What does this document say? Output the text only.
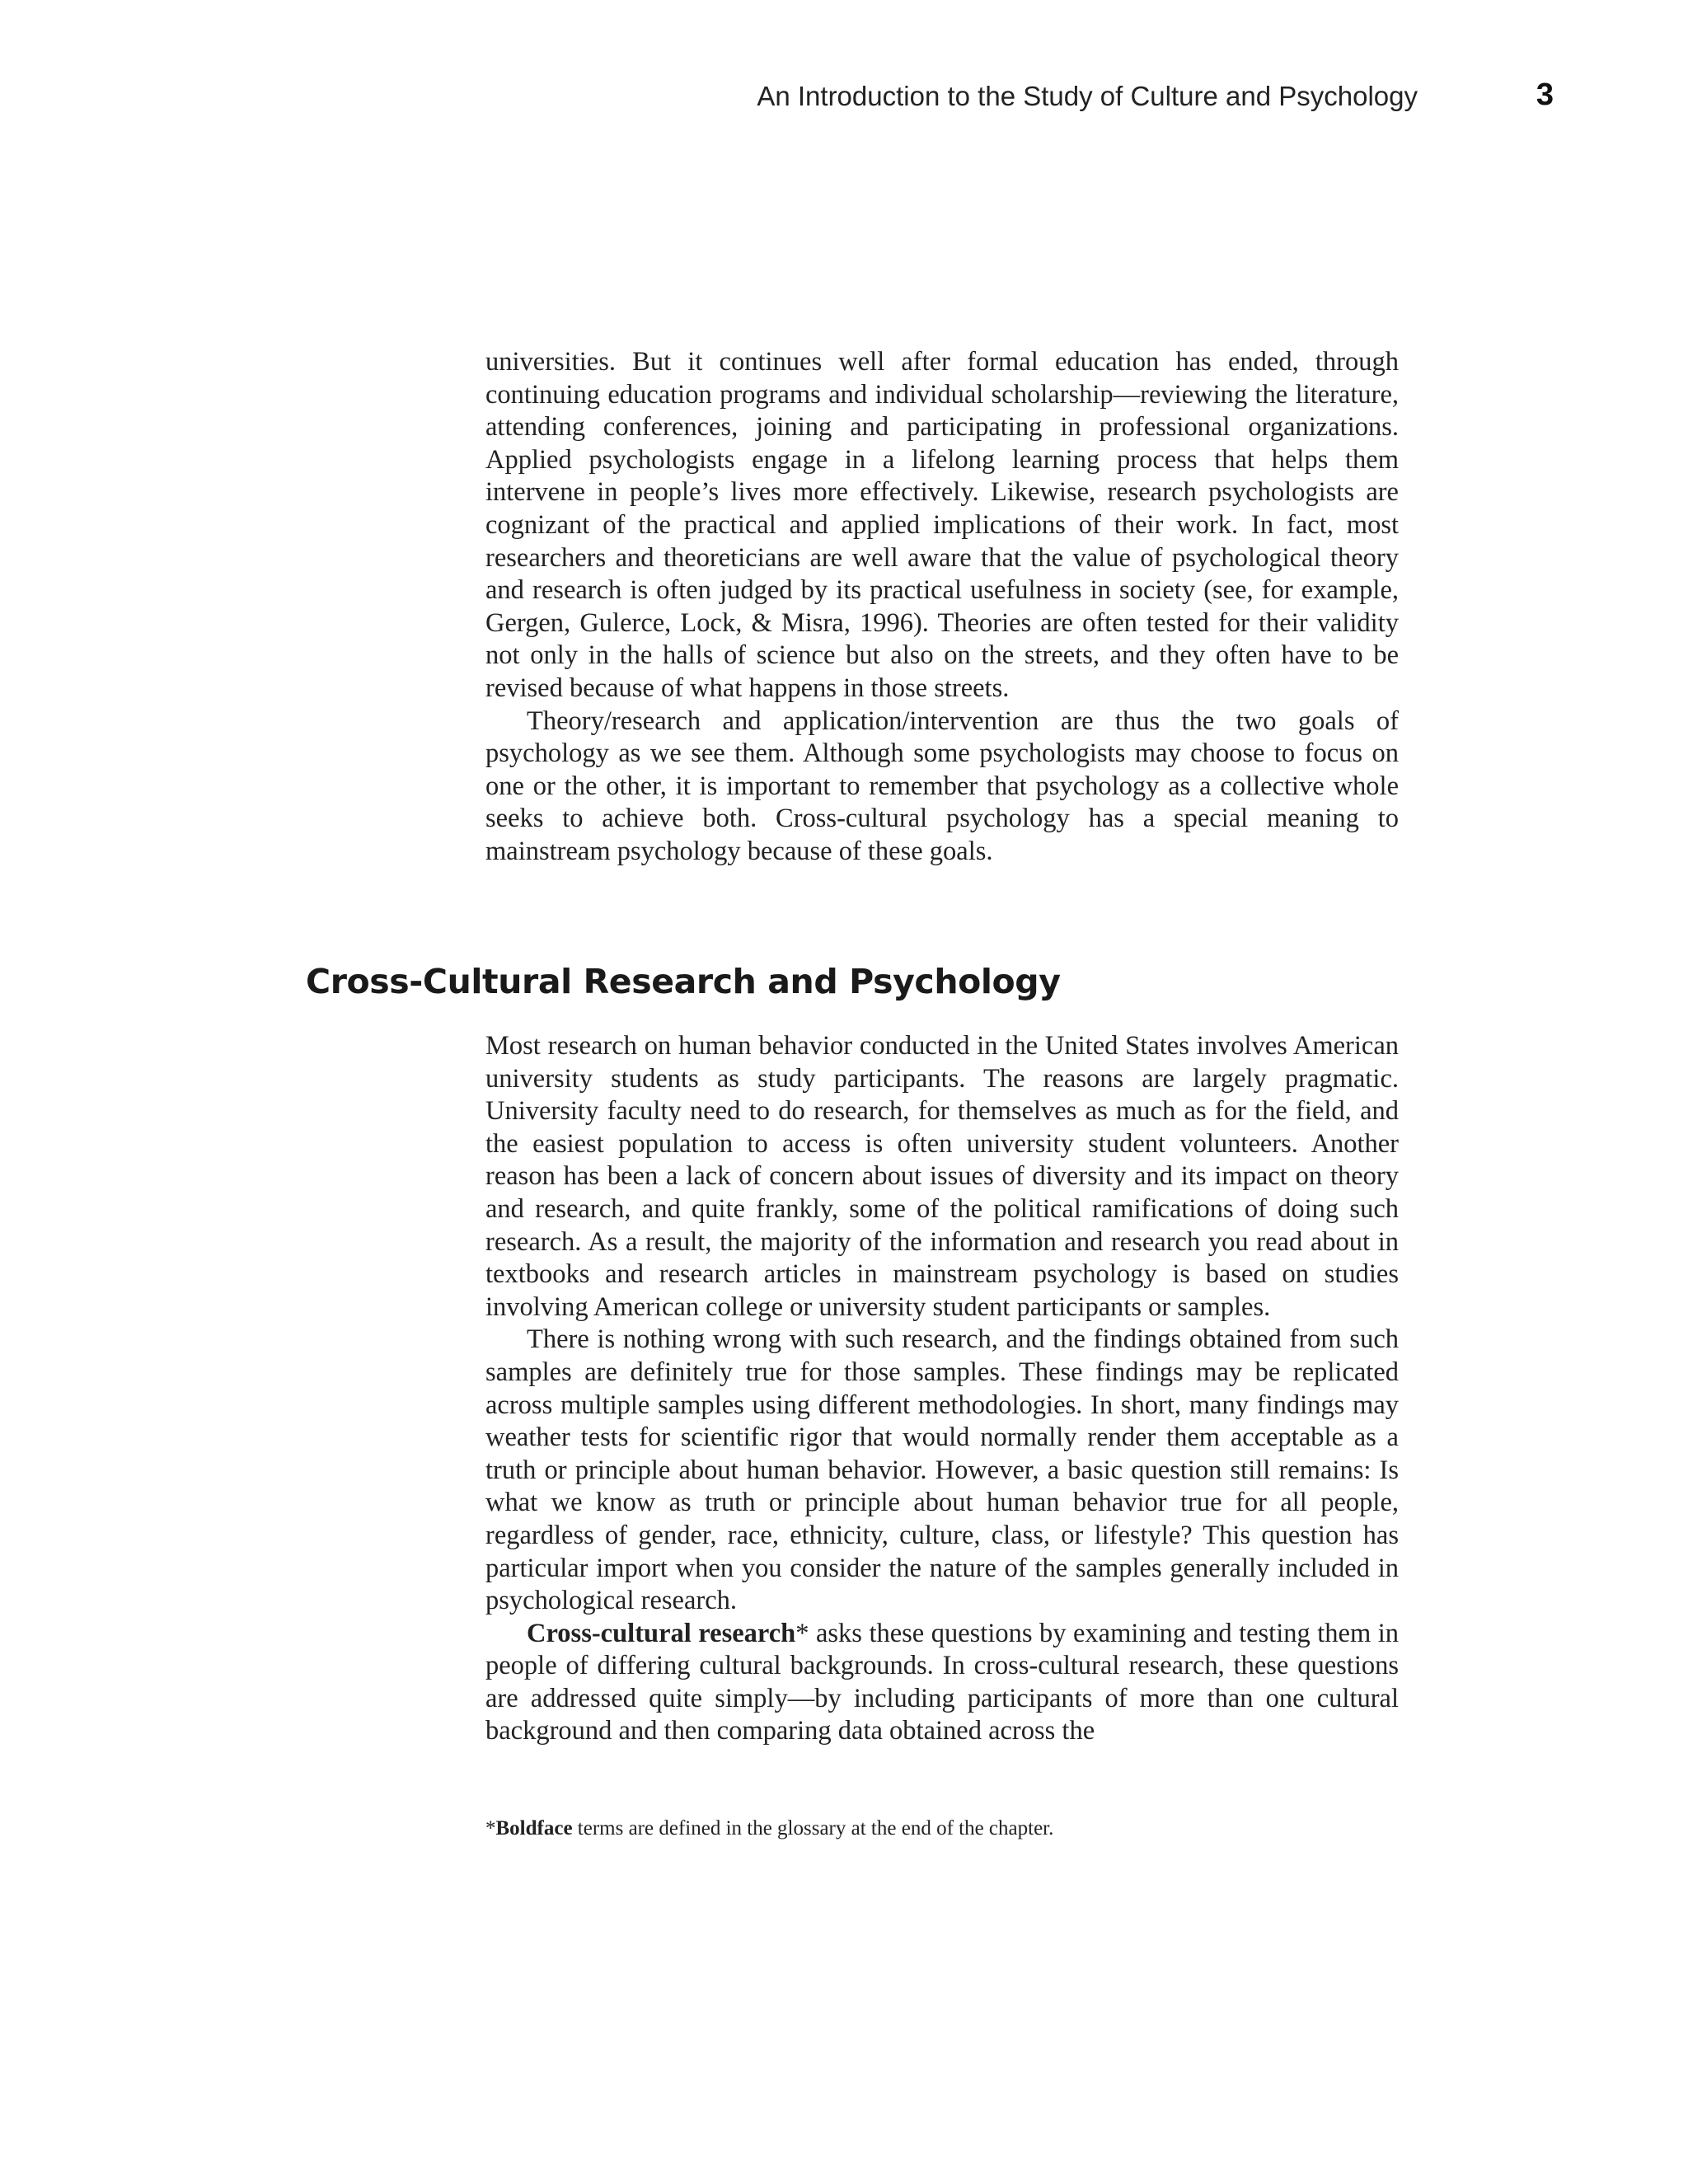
An Introduction to the Study of Culture and Psychology	3

universities. But it continues well after formal education has ended, through continuing education programs and individual scholarship—reviewing the literature, attending conferences, joining and participating in professional organizations. Applied psychologists engage in a lifelong learning process that helps them intervene in people’s lives more effectively. Likewise, research psychologists are cognizant of the practical and applied implications of their work. In fact, most researchers and theoreticians are well aware that the value of psychological theory and research is often judged by its practical usefulness in society (see, for example, Gergen, Gulerce, Lock, & Misra, 1996). Theories are often tested for their validity not only in the halls of science but also on the streets, and they often have to be revised because of what happens in those streets.

Theory/research and application/intervention are thus the two goals of psychology as we see them. Although some psychologists may choose to focus on one or the other, it is important to remember that psychology as a collective whole seeks to achieve both. Cross-cultural psychology has a special meaning to mainstream psychology because of these goals.

Cross-Cultural Research and Psychology

Most research on human behavior conducted in the United States involves American university students as study participants. The reasons are largely pragmatic. University faculty need to do research, for themselves as much as for the field, and the easiest population to access is often university student volunteers. Another reason has been a lack of concern about issues of diversity and its impact on theory and research, and quite frankly, some of the political ramifications of doing such research. As a result, the majority of the information and research you read about in textbooks and research articles in mainstream psychology is based on studies involving American college or university student participants or samples.

There is nothing wrong with such research, and the findings obtained from such samples are definitely true for those samples. These findings may be replicated across multiple samples using different methodologies. In short, many findings may weather tests for scientific rigor that would normally render them acceptable as a truth or principle about human behavior. However, a basic question still remains: Is what we know as truth or principle about human behavior true for all people, regardless of gender, race, ethnicity, culture, class, or lifestyle? This question has particular import when you consider the nature of the samples generally included in psychological research.

Cross-cultural research* asks these questions by examining and testing them in people of differing cultural backgrounds. In cross-cultural research, these questions are addressed quite simply—by including participants of more than one cultural background and then comparing data obtained across the

*Boldface terms are defined in the glossary at the end of the chapter.
